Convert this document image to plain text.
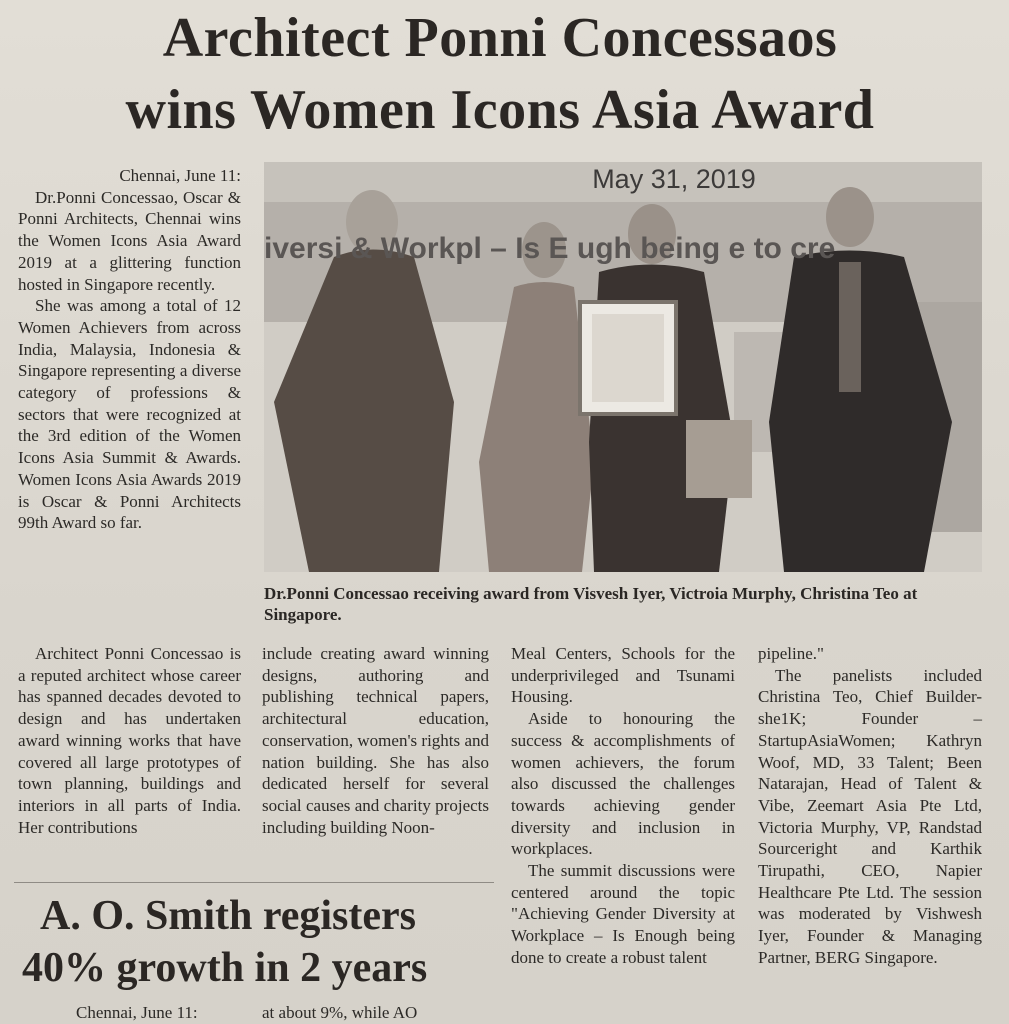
Architect Ponni Concessaos
wins Women Icons Asia Award
Chennai, June 11:

Dr.Ponni Concessao, Oscar & Ponni Architects, Chennai wins the Women Icons Asia Award 2019 at a glittering function hosted in Singapore recently.

She was among a total of 12 Women Achievers from across India, Malaysia, Indonesia & Singapore representing a diverse category of professions & sectors that were recognized at the 3rd edition of the Women Icons Asia Summit & Awards. Women Icons Asia Awards 2019 is Oscar & Ponni Architects 99th Award so far.

iversi & Workpl – Is E ugh being e to cre
May 31, 2019
Dr.Ponni Concessao receiving award from Visvesh Iyer, Victroia Murphy, Christina Teo at Singapore.

Architect Ponni Concessao is a reputed architect whose career has spanned decades devoted to design and has undertaken award winning works that have covered all large prototypes of town planning, buildings and interiors in all parts of India. Her contributions

include creating award winning designs, authoring and publishing technical papers, architectural education, conservation, women's rights and nation building. She has also dedicated herself for several social causes and charity projects including building Noon-

Meal Centers, Schools for the underprivileged and Tsunami Housing.

Aside to honouring the success & accomplishments of women achievers, the forum also discussed the challenges towards achieving gender diversity and inclusion in workplaces.

The summit discussions were centered around the topic "Achieving Gender Diversity at Workplace – Is Enough being done to create a robust talent

pipeline."

The panelists included Christina Teo, Chief Builder-she1K; Founder – StartupAsiaWomen; Kathryn Woof, MD, 33 Talent; Been Natarajan, Head of Talent & Vibe, Zeemart Asia Pte Ltd, Victoria Murphy, VP, Randstad Sourceright and Karthik Tirupathi, CEO, Napier Healthcare Pte Ltd. The session was moderated by Vishwesh Iyer, Founder & Managing Partner, BERG Singapore.

A. O. Smith registers
40% growth in 2 years
Chennai, June 11:	at about 9%, while AO
